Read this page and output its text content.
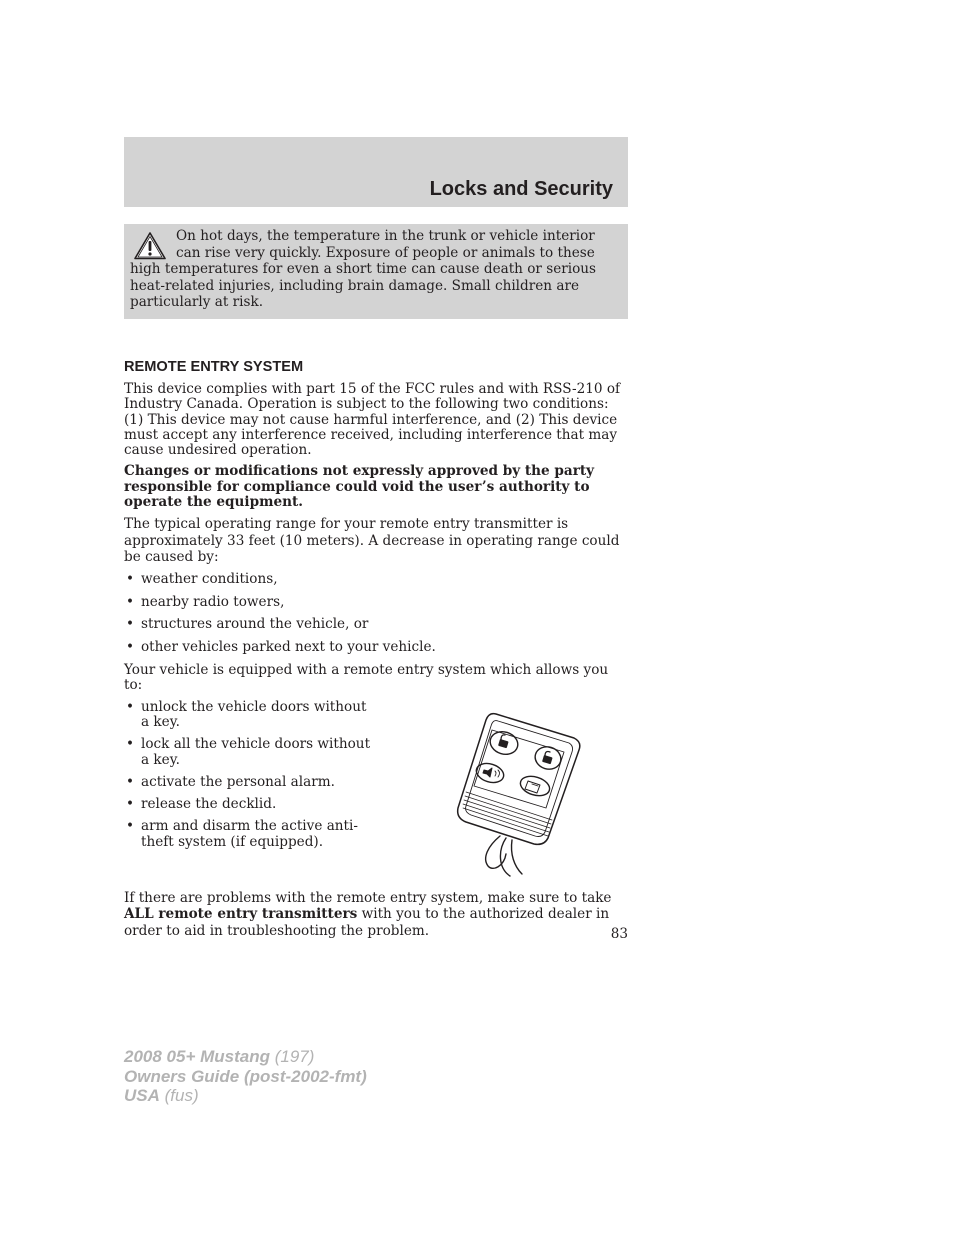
Locks and Security

On hot days, the temperature in the trunk or vehicle interior can rise very quickly. Exposure of people or animals to these high temperatures for even a short time can cause death or serious heat-related injuries, including brain damage. Small children are particularly at risk.

REMOTE ENTRY SYSTEM

This device complies with part 15 of the FCC rules and with RSS-210 of Industry Canada. Operation is subject to the following two conditions: (1) This device may not cause harmful interference, and (2) This device must accept any interference received, including interference that may cause undesired operation.

Changes or modifications not expressly approved by the party responsible for compliance could void the user’s authority to operate the equipment.

The typical operating range for your remote entry transmitter is approximately 33 feet (10 meters). A decrease in operating range could be caused by:

• weather conditions,
• nearby radio towers,
• structures around the vehicle, or
• other vehicles parked next to your vehicle.

Your vehicle is equipped with a remote entry system which allows you to:

• unlock the vehicle doors without a key.
• lock all the vehicle doors without a key.
• activate the personal alarm.
• release the decklid.
• arm and disarm the active anti-theft system (if equipped).

If there are problems with the remote entry system, make sure to take ALL remote entry transmitters with you to the authorized dealer in order to aid in troubleshooting the problem.	83
2008 05+ Mustang (197)
Owners Guide (post-2002-fmt)
USA (fus)
